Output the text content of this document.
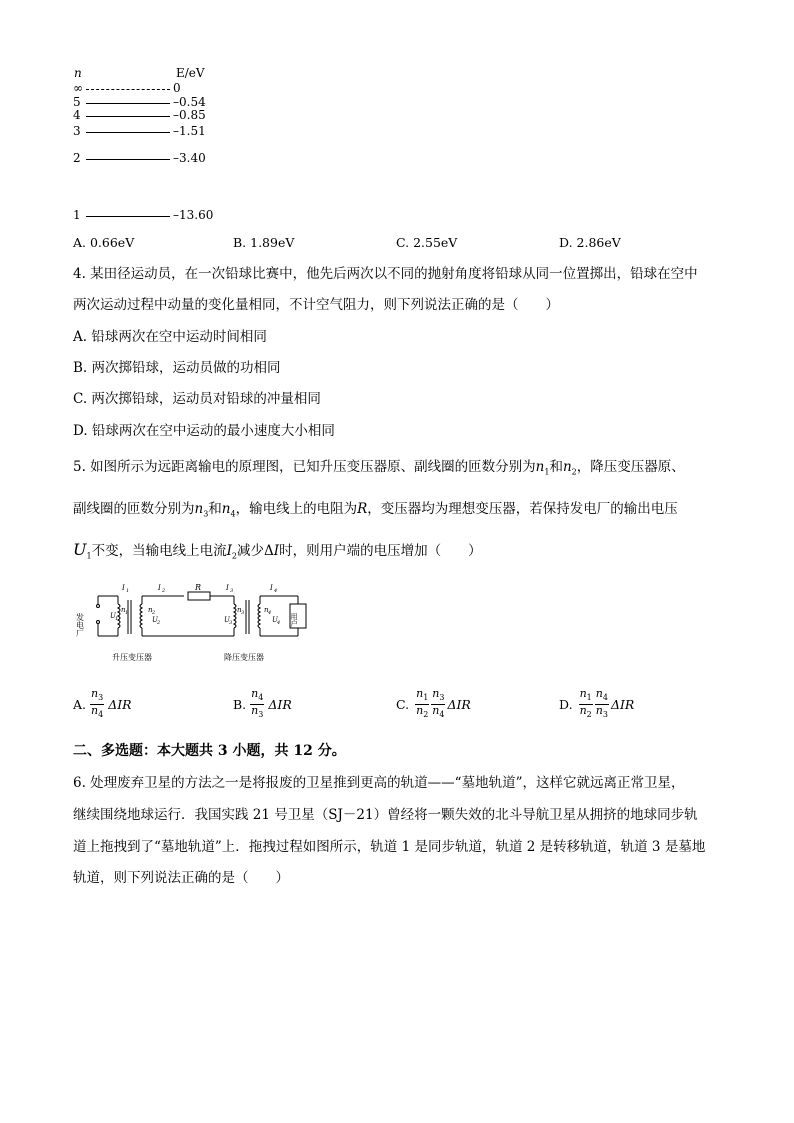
n	E/eV
∞	0
5	–0.54
4	–0.85
3	–1.51
2	–3.40
1	–13.60
A. 0.66eV	B. 1.89eV	C. 2.55eV	D. 2.86eV
4. 某田径运动员，在一次铅球比赛中，他先后两次以不同的抛射角度将铅球从同一位置掷出，铅球在空中
两次运动过程中动量的变化量相同，不计空气阻力，则下列说法正确的是（　　）
A. 铅球两次在空中运动时间相同
B. 两次掷铅球，运动员做的功相同
C. 两次掷铅球，运动员对铅球的冲量相同
D. 铅球两次在空中运动的最小速度大小相同
5. 如图所示为远距离输电的原理图，已知升压变压器原、副线圈的匝数分别为$n_1$和$n_2$，降压变压器原、
副线圈的匝数分别为$n_3$和$n_4$，输电线上的电阻为R，变压器均为理想变压器，若保持发电厂的输出电压
$U_1$不变，当输电线上电流$I_2$减少ΔI时，则用户端的电压增加（　　）
I 1	I 2	I 3	I 4
U 1
n 1	n 2
U 2	U 3
n 3	n 4
U 4
R
发电厂	用户
升压变压器	降压变压器
A. $\frac{n_3}{n_4}$ ΔIR	B. $\frac{n_4}{n_3}$ ΔIR	C. $\frac{n_1}{n_2} \frac{n_3}{n_4}$ ΔIR	D. $\frac{n_1}{n_2} \frac{n_4}{n_3}$ ΔIR
二、多选题：本大题共 3 小题，共 12 分。
6. 处理废弃卫星的方法之一是将报废的卫星推到更高的轨道——“墓地轨道”，这样它就远离正常卫星，
继续围绕地球运行．我国实践 21 号卫星（SJ－21）曾经将一颗失效的北斗导航卫星从拥挤的地球同步轨
道上拖拽到了“墓地轨道”上．拖拽过程如图所示，轨道 1 是同步轨道，轨道 2 是转移轨道，轨道 3 是墓地
轨道，则下列说法正确的是（　　）
